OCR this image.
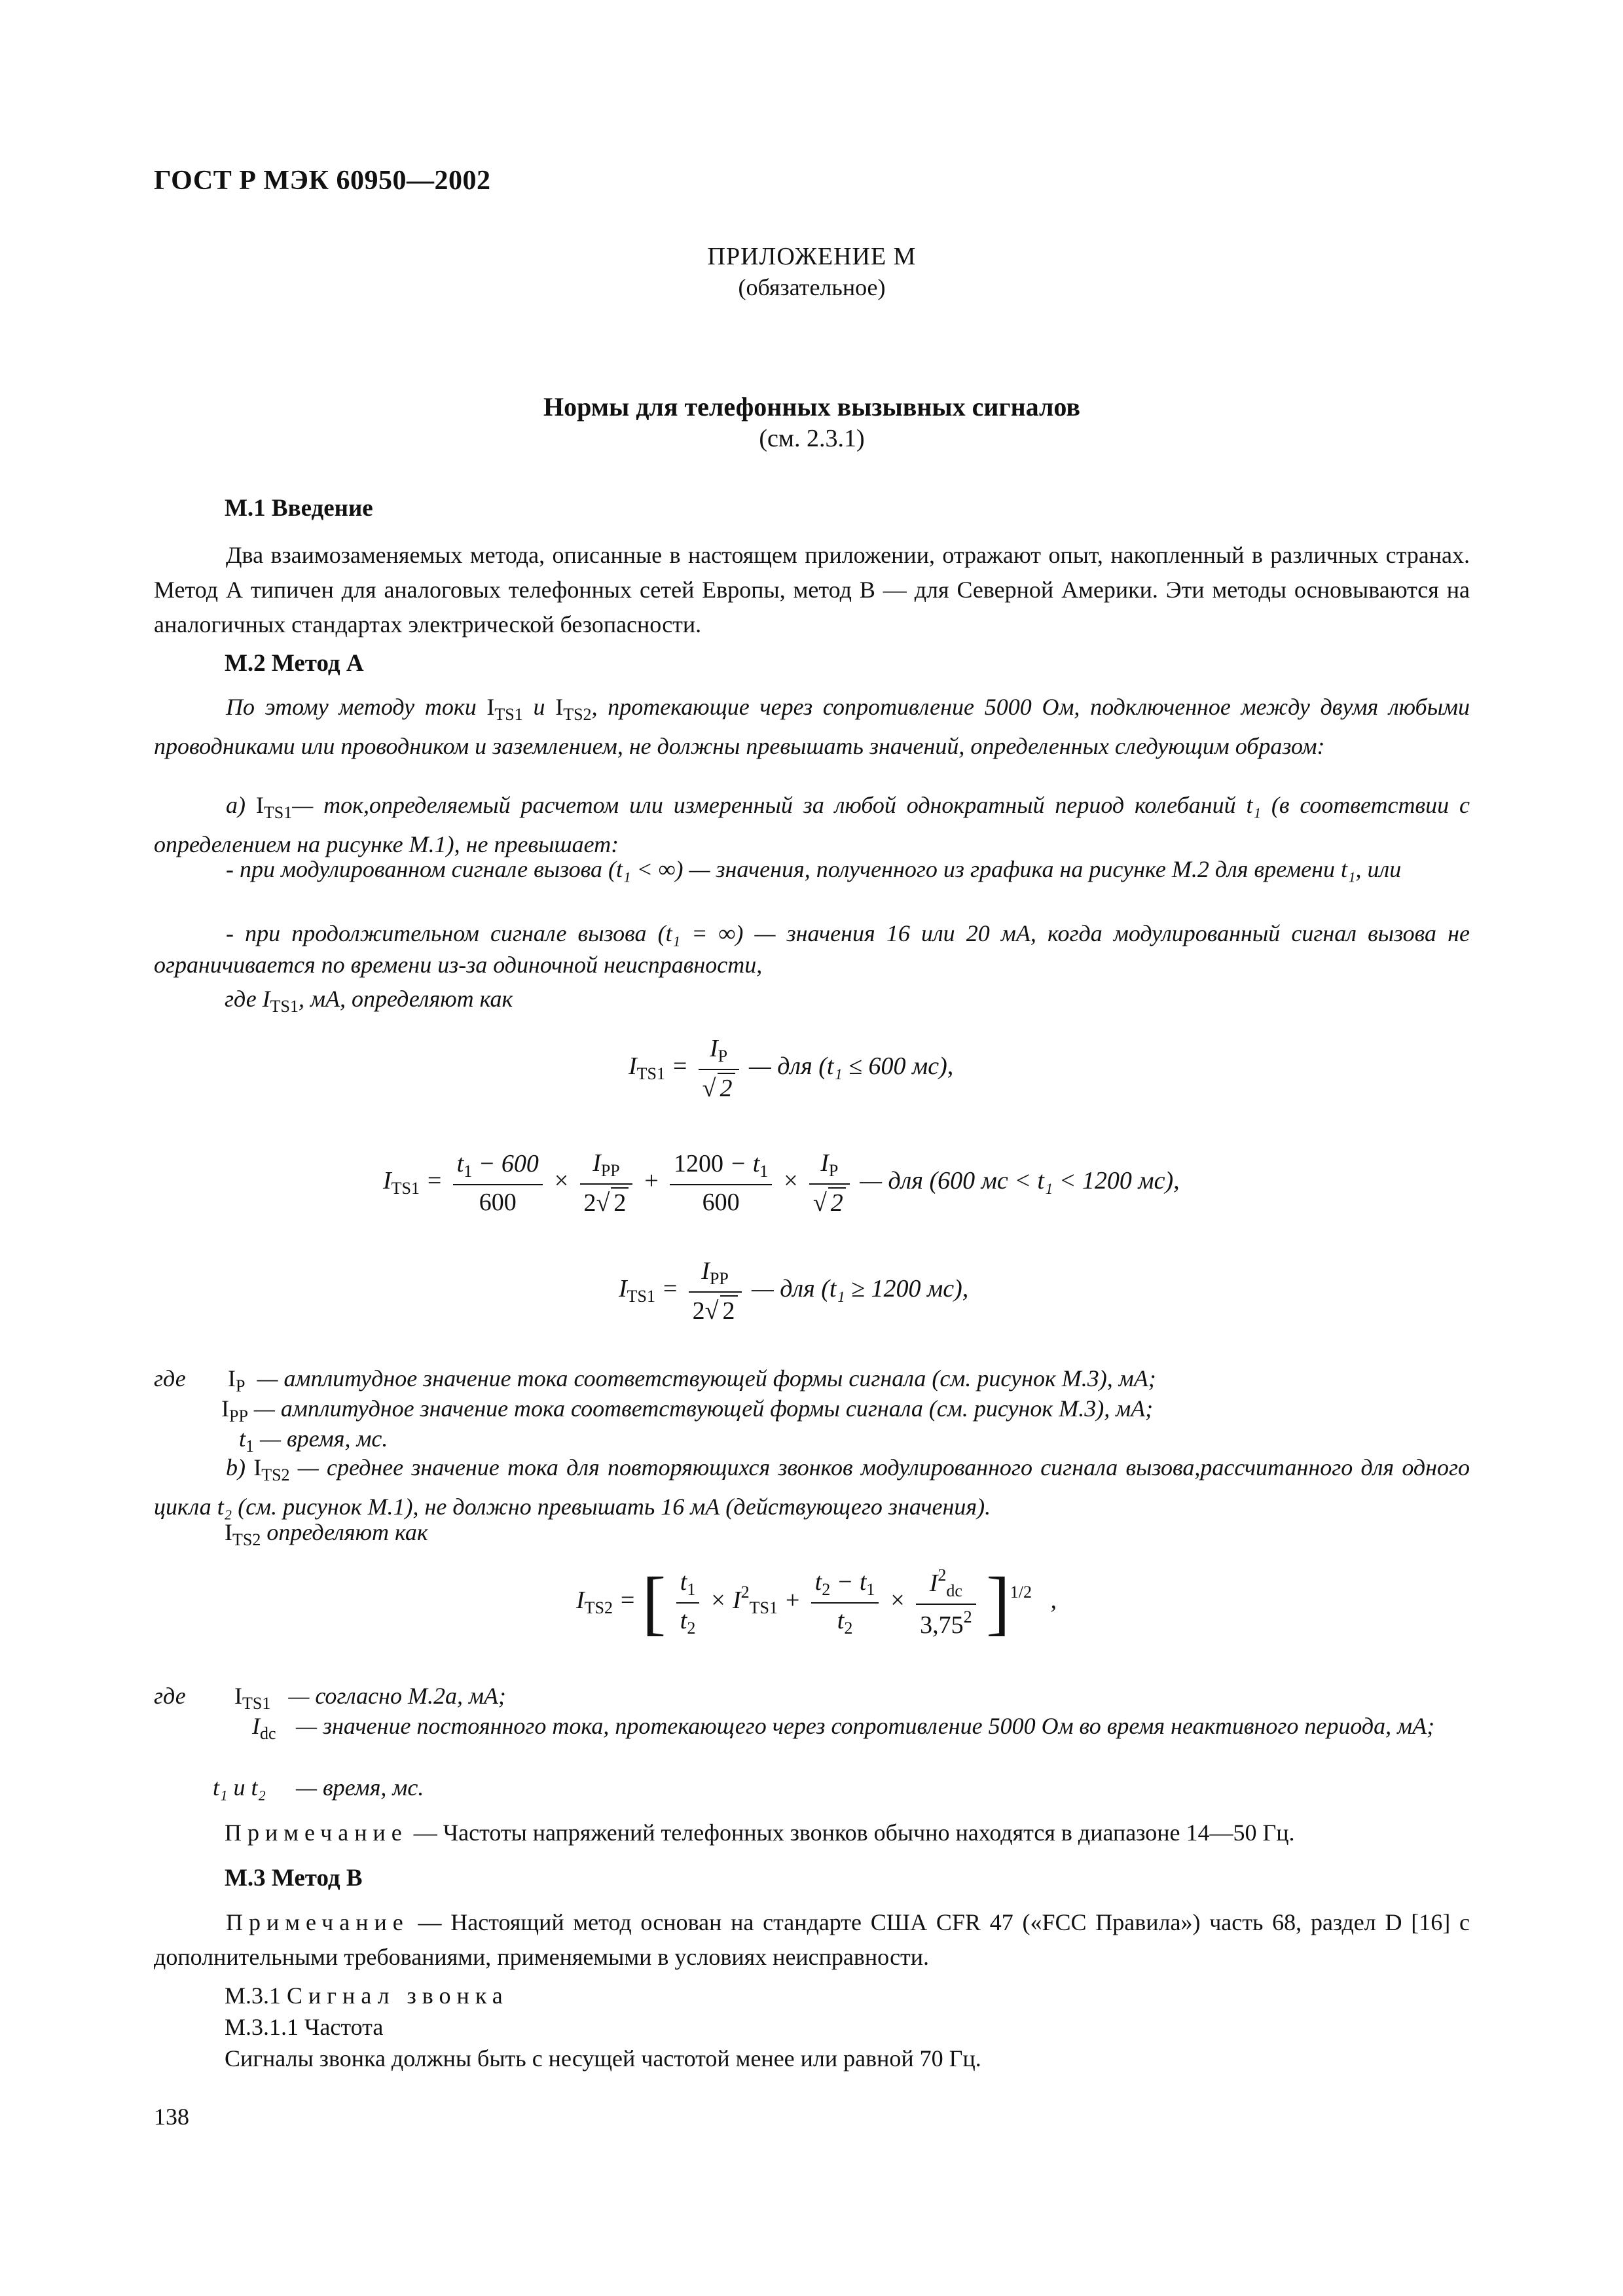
ГОСТ Р МЭК 60950—2002
ПРИЛОЖЕНИЕ М
(обязательное)
Нормы для телефонных вызывных сигналов
(см. 2.3.1)
М.1 Введение
Два взаимозаменяемых метода, описанные в настоящем приложении, отражают опыт, накопленный в различных странах. Метод А типичен для аналоговых телефонных сетей Европы, метод В — для Северной Америки. Эти методы основываются на аналогичных стандартах электрической безопасности.
М.2 Метод А
По этому методу токи $I_{TS1}$ и $I_{TS2}$, протекающие через сопротивление 5000 Ом, подключенное между двумя любыми проводниками или проводником и заземлением, не должны превышать значений, определенных следующим образом:
a) $I_{TS1}—$ ток,определяемый расчетом или измеренный за любой однократный период колебаний t₁ (в соответствии с определением на рисунке М.1), не превышает:
- при модулированном сигнале вызова (t₁ < ∞) — значения, полученного из графика на рисунке М.2 для времени t₁, или
- при продолжительном сигнале вызова (t₁ = ∞) — значения 16 или 20 мА, когда модулированный сигнал вызова не ограничивается по времени из-за одиночной неисправности,
где $I_{TS1}$, мА, определяют как
$I_{TS1} = \frac{I_P}{√ 2}$ — для (t₁ ≤ 600 мс),
$I_{TS1} = \frac{t_1 - 600}{600} \times \frac{I_{PP}}{2√ 2} + \frac{1200 - t_1}{600} \times \frac{I_P}{√ 2}$ — для (600 мс < t₁ < 1200 мс),
$I_{TS1} = \frac{I_{PP}}{2√ 2}$ — для (t₁ ≥ 1200 мс),
где $I_P$ — амплитудное значение тока соответствующей формы сигнала (см. рисунок М.3), мА;
$I_{PP}$ — амплитудное значение тока соответствующей формы сигнала (см. рисунок М.3), мА;
$t_1$ — время, мс.
b) $I_{TS2}$ — среднее значение тока для повторяющихся звонков модулированного сигнала вызова,рассчитанного для одного цикла t₂ (см. рисунок М.1), не должно превышать 16 мА (действующего значения).
$I_{TS2}$ определяют как
$I_{TS2}$ = [ $\frac{t_1}{t_2} \times I^2_{TS1} + \frac{t_2 - t_1}{t_2} \times \frac{I^2_{dc}}{3,75^2} ]^{1/2}$   ,
где $I_{TS1}$ — согласно М.2а, мА;
$I_{dc}$ — значение постоянного тока, протекающего через сопротивление 5000 Ом во время неактивного периода, мА;
t₁ и t₂ — время, мс.
Примечание — Частоты напряжений телефонных звонков обычно находятся в диапазоне 14—50 Гц.
М.3 Метод В
Примечание — Настоящий метод основан на стандарте США CFR 47 («FCC Правила») часть 68, раздел D [16] с дополнительными требованиями, применяемыми в условиях неисправности.
М.3.1 Сигнал звонка
М.3.1.1 Частота
Сигналы звонка должны быть с несущей частотой менее или равной 70 Гц.
138
